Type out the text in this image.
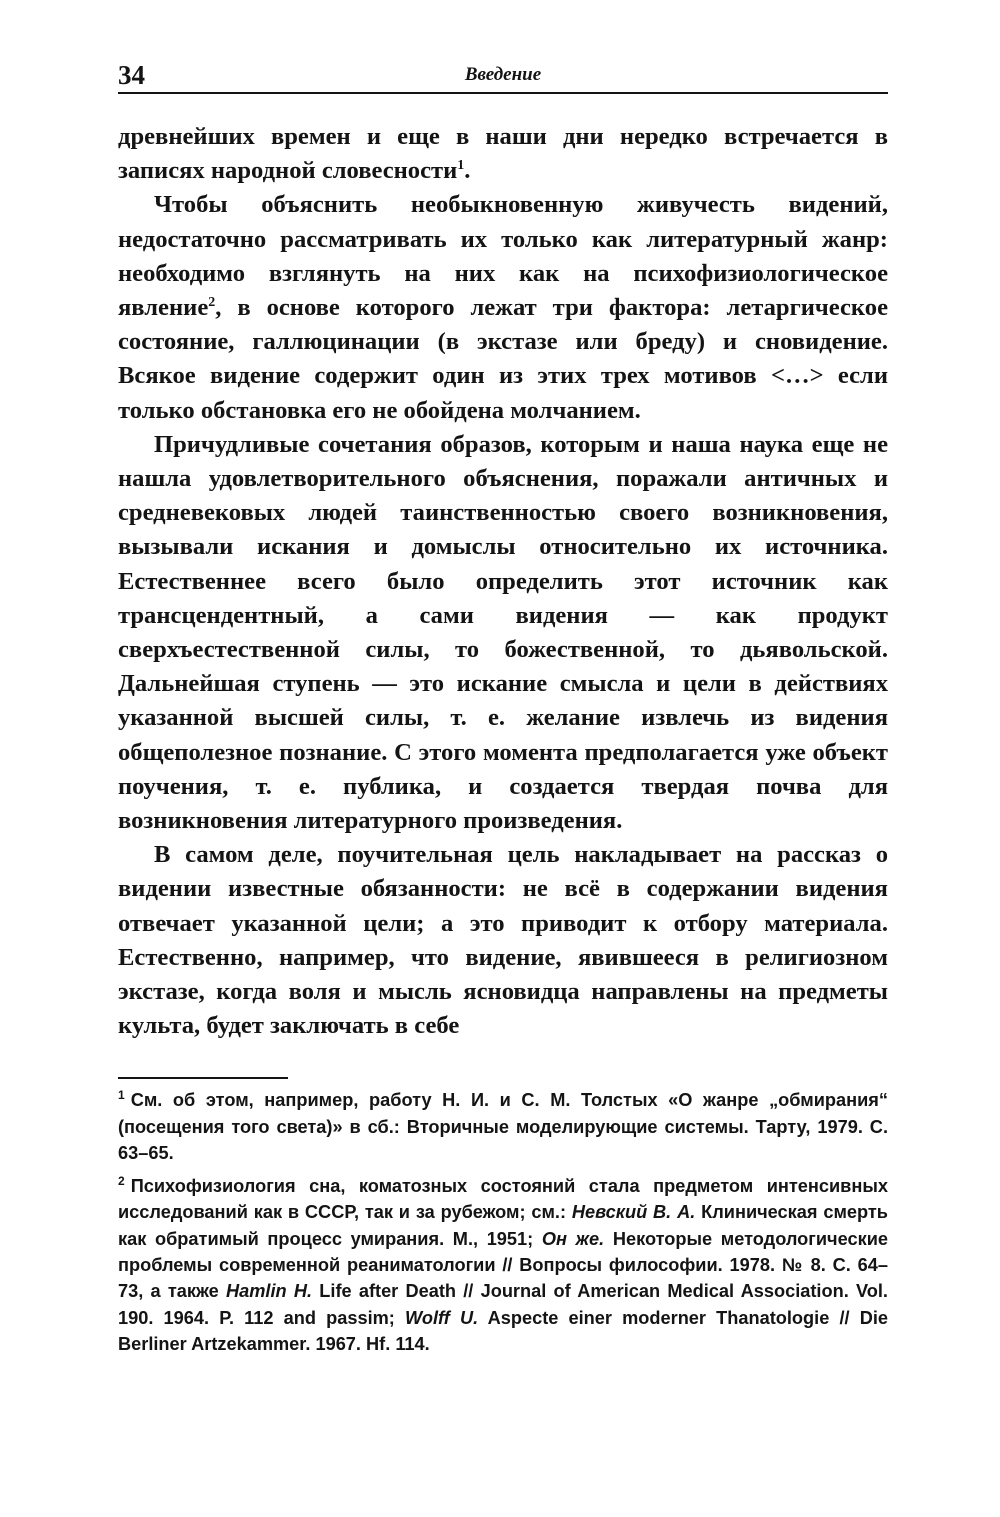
34	Введение

древнейших времен и еще в наши дни нередко встречается в записях народной словесности$^1$.

Чтобы объяснить необыкновенную живучесть видений, недостаточно рассматривать их только как литературный жанр: необходимо взглянуть на них как на психофизиологическое явление$^2$, в основе которого лежат три фактора: летаргическое состояние, галлюцинации (в экстазе или бреду) и сновидение. Всякое видение содержит один из этих трех мотивов <…> если только обстановка его не обойдена молчанием.

Причудливые сочетания образов, которым и наша наука еще не нашла удовлетворительного объяснения, поражали античных и средневековых людей таинственностью своего возникновения, вызывали искания и домыслы относительно их источника. Естественнее всего было определить этот источник как трансцендентный, а сами видения — как продукт сверхъестественной силы, то божественной, то дьявольской. Дальнейшая ступень — это искание смысла и цели в действиях указанной высшей силы, т. е. желание извлечь из видения общеполезное познание. С этого момента предполагается уже объект поучения, т. е. публика, и создается твердая почва для возникновения литературного произведения.

В самом деле, поучительная цель накладывает на рассказ о видении известные обязанности: не всё в содержании видения отвечает указанной цели; а это приводит к отбору материала. Естественно, например, что видение, явившееся в религиозном экстазе, когда воля и мысль ясновидца направлены на предметы культа, будет заключать в себе

$^1$ См. об этом, например, работу Н. И. и С. М. Толстых «О жанре „обмирания“ (посещения того света)» в сб.: Вторичные моделирующие системы. Тарту, 1979. С. 63–65.

$^2$ Психофизиология сна, коматозных состояний стала предметом интенсивных исследований как в СССР, так и за рубежом; см.: Невский В. А. Клиническая смерть как обратимый процесс умирания. М., 1951; Он же. Некоторые методологические проблемы современной реаниматологии // Вопросы философии. 1978. № 8. С. 64–73, а также Hamlin H. Life after Death // Journal of American Medical Association. Vol. 190. 1964. P. 112 and passim; Wolff U. Aspecte einer moderner Thanatologie // Die Berliner Artzekammer. 1967. Hf. 114.
